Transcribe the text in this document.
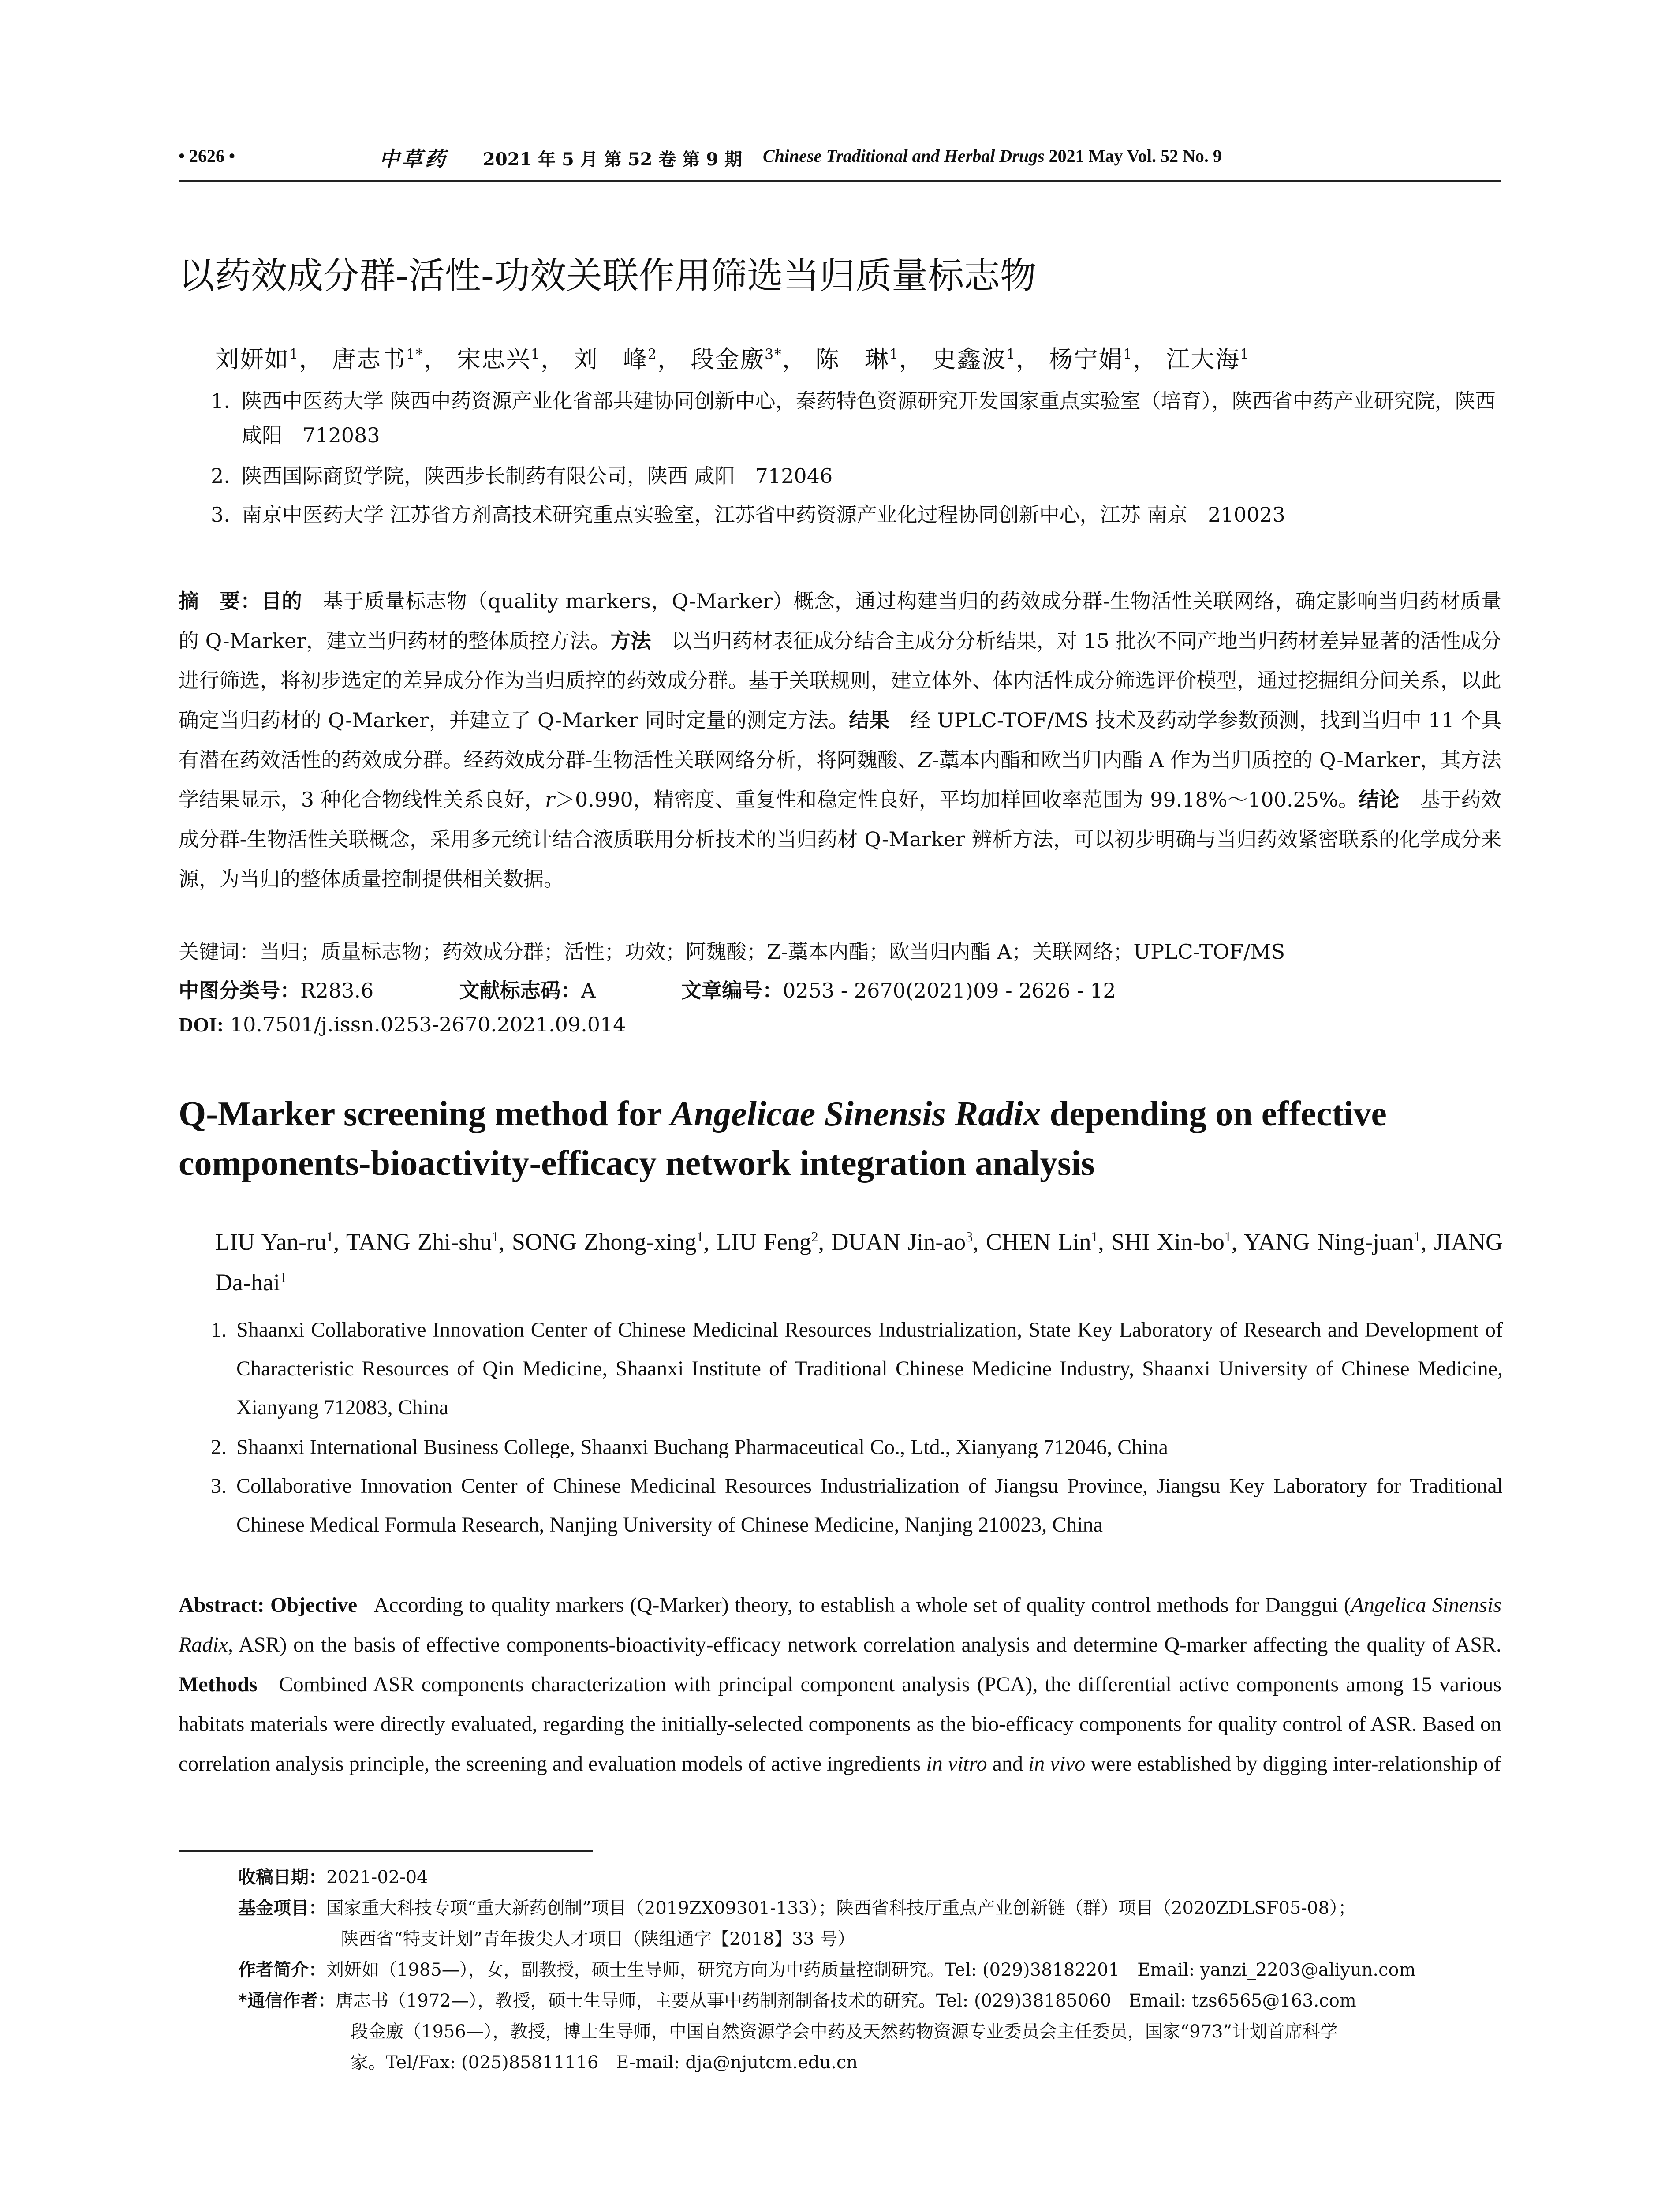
• 2626 •	中草药 2021 年 5 月 第 52 卷 第 9 期 Chinese Traditional and Herbal Drugs 2021 May Vol. 52 No. 9
以药效成分群-活性-功效关联作用筛选当归质量标志物
刘妍如$^1$， 唐志书$^{1*}$， 宋忠兴$^1$， 刘　峰$^2$， 段金廒$^{3*}$， 陈　琳$^1$， 史鑫波$^1$， 杨宁娟$^1$， 江大海$^1$
1. 陕西中医药大学 陕西中药资源产业化省部共建协同创新中心，秦药特色资源研究开发国家重点实验室（培育），陕西省中药产业研究院，陕西 咸阳　712083
2. 陕西国际商贸学院，陕西步长制药有限公司，陕西 咸阳　712046
3. 南京中医药大学 江苏省方剂高技术研究重点实验室，江苏省中药资源产业化过程协同创新中心，江苏 南京　210023
摘　要：目的　 基于质量标志物（quality markers，Q-Marker）概念，通过构建当归的药效成分群-生物活性关联网络，确定影响当归药材质量的 Q-Marker，建立当归药材的整体质控方法。方法　 以当归药材表征成分结合主成分分析结果，对 15 批次不同产地当归药材差异显著的活性成分进行筛选，将初步选定的差异成分作为当归质控的药效成分群。基于关联规则，建立体外、体内活性成分筛选评价模型，通过挖掘组分间关系，以此确定当归药材的 Q-Marker，并建立了 Q-Marker 同时定量的测定方法。结果　 经 UPLC-TOF/MS 技术及药动学参数预测，找到当归中 11 个具有潜在药效活性的药效成分群。经药效成分群-生物活性关联网络分析，将阿魏酸、Z-藁本内酯和欧当归内酯 A 作为当归质控的 Q-Marker，其方法学结果显示，3 种化合物线性关系良好，r＞0.990，精密度、重复性和稳定性良好，平均加样回收率范围为 99.18%～100.25%。结论　 基于药效成分群-生物活性关联概念，采用多元统计结合液质联用分析技术的当归药材 Q-Marker 辨析方法，可以初步明确与当归药效紧密联系的化学成分来源，为当归的整体质量控制提供相关数据。
关键词：当归；质量标志物；药效成分群；活性；功效；阿魏酸；Z-藁本内酯；欧当归内酯 A；关联网络；UPLC-TOF/MS
中图分类号：R283.6	文献标志码：A	文章编号：0253 - 2670(2021)09 - 2626 - 12
DOI: 10.7501/j.issn.0253-2670.2021.09.014
Q-Marker screening method for Angelicae Sinensis Radix depending on effective components-bioactivity-efficacy network integration analysis
LIU Yan-$ru^1$, TANG Zhi-shu$^1$, SONG Zhong-xing$^1$, LIU Feng$^2$, DUAN Jin-$ao^3$, CHEN Lin$^1$, SHI Xin-$bo^1$, YANG Ning-juan$^1$, JIANG Da-hai$^1$
1. Shaanxi Collaborative Innovation Center of Chinese Medicinal Resources Industrialization, State Key Laboratory of Research and Development of Characteristic Resources of Qin Medicine, Shaanxi Institute of Traditional Chinese Medicine Industry, Shaanxi University of Chinese Medicine, Xianyang 712083, China
2. Shaanxi International Business College, Shaanxi Buchang Pharmaceutical Co., Ltd., Xianyang 712046, China
3. Collaborative Innovation Center of Chinese Medicinal Resources Industrialization of Jiangsu Province, Jiangsu Key Laboratory for Traditional Chinese Medical Formula Research, Nanjing University of Chinese Medicine, Nanjing 210023, China
Abstract: Objective According to quality markers (Q-Marker) theory, to establish a whole set of quality control methods for Danggui (Angelica Sinensis Radix, ASR) on the basis of effective components-bioactivity-efficacy network correlation analysis and determine Q-marker affecting the quality of ASR. Methods Combined ASR components characterization with principal component analysis (PCA), the differential active components among 15 various habitats materials were directly evaluated, regarding the initially-selected components as the bio-efficacy components for quality control of ASR. Based on correlation analysis principle, the screening and evaluation models of active ingredients in vitro and in vivo were established by digging inter-relationship of
收稿日期：2021-02-04
基金项目：国家重大科技专项“重大新药创制”项目（2019ZX09301-133）；陕西省科技厅重点产业创新链（群）项目（2020ZDLSF05-08）；
陕西省“特支计划”青年拔尖人才项目（陕组通字【2018】33 号）
作者简介：刘妍如（1985—），女，副教授，硕士生导师，研究方向为中药质量控制研究。Tel: (029)38182201　Email: yanzi_2203@aliyun.com
*通信作者：唐志书（1972—），教授，硕士生导师，主要从事中药制剂制备技术的研究。Tel: (029)38185060　Email: tzs6565@163.com
段金廒（1956—），教授，博士生导师，中国自然资源学会中药及天然药物资源专业委员会主任委员，国家“973”计划首席科学
家。Tel/Fax: (025)85811116　E-mail: dja@njutcm.edu.cn
